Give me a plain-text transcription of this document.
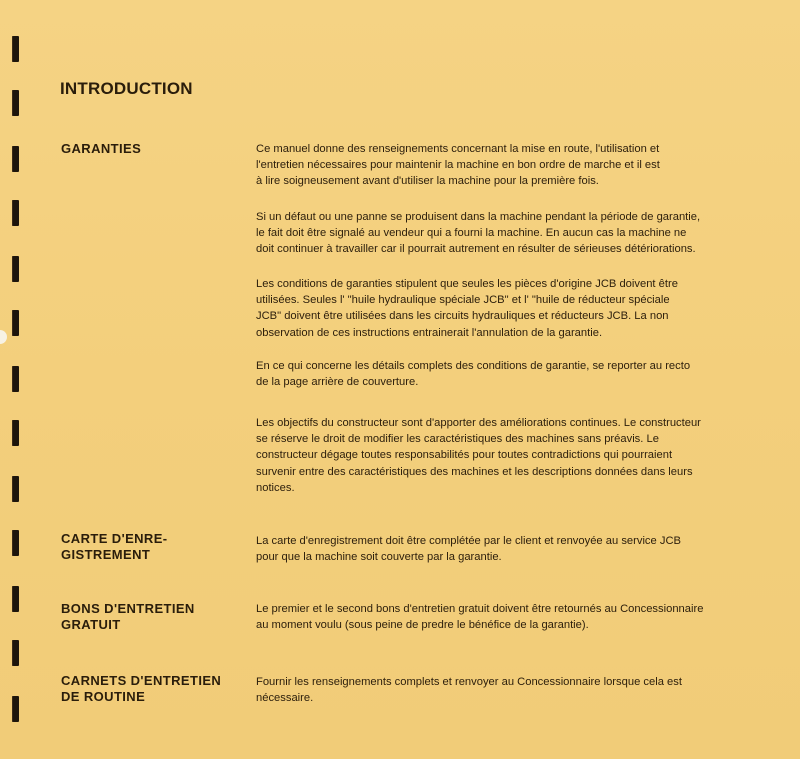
INTRODUCTION
GARANTIES	Ce manuel donne des renseignements concernant la mise en route, l'utilisation et
l'entretien nécessaires pour maintenir la machine en bon ordre de marche et il est
à lire soigneusement avant d'utiliser la machine pour la première fois.
Si un défaut ou une panne se produisent dans la machine pendant la période de garantie,
le fait doit être signalé au vendeur qui a fourni la machine. En aucun cas la machine ne
doit continuer à travailler car il pourrait autrement en résulter de sérieuses détériorations.
Les conditions de garanties stipulent que seules les pièces d'origine JCB doivent être
utilisées. Seules l' "huile hydraulique spéciale JCB" et l' "huile de réducteur spéciale
JCB" doivent être utilisées dans les circuits hydrauliques et réducteurs JCB. La non
observation de ces instructions entrainerait l'annulation de la garantie.
En ce qui concerne les détails complets des conditions de garantie, se reporter au recto
de la page arrière de couverture.
Les objectifs du constructeur sont d'apporter des améliorations continues. Le constructeur
se réserve le droit de modifier les caractéristiques des machines sans préavis. Le
constructeur dégage toutes responsabilités pour toutes contradictions qui pourraient
survenir entre des caractéristiques des machines et les descriptions données dans leurs
notices.
CARTE D'ENRE-
GISTREMENT
La carte d'enregistrement doit être complétée par le client et renvoyée au service JCB
pour que la machine soit couverte par la garantie.
BONS D'ENTRETIEN
GRATUIT
Le premier et le second bons d'entretien gratuit doivent être retournés au Concessionnaire
au moment voulu (sous peine de predre le bénéfice de la garantie).
CARNETS D'ENTRETIEN
DE ROUTINE
Fournir les renseignements complets et renvoyer au Concessionnaire lorsque cela est
nécessaire.
